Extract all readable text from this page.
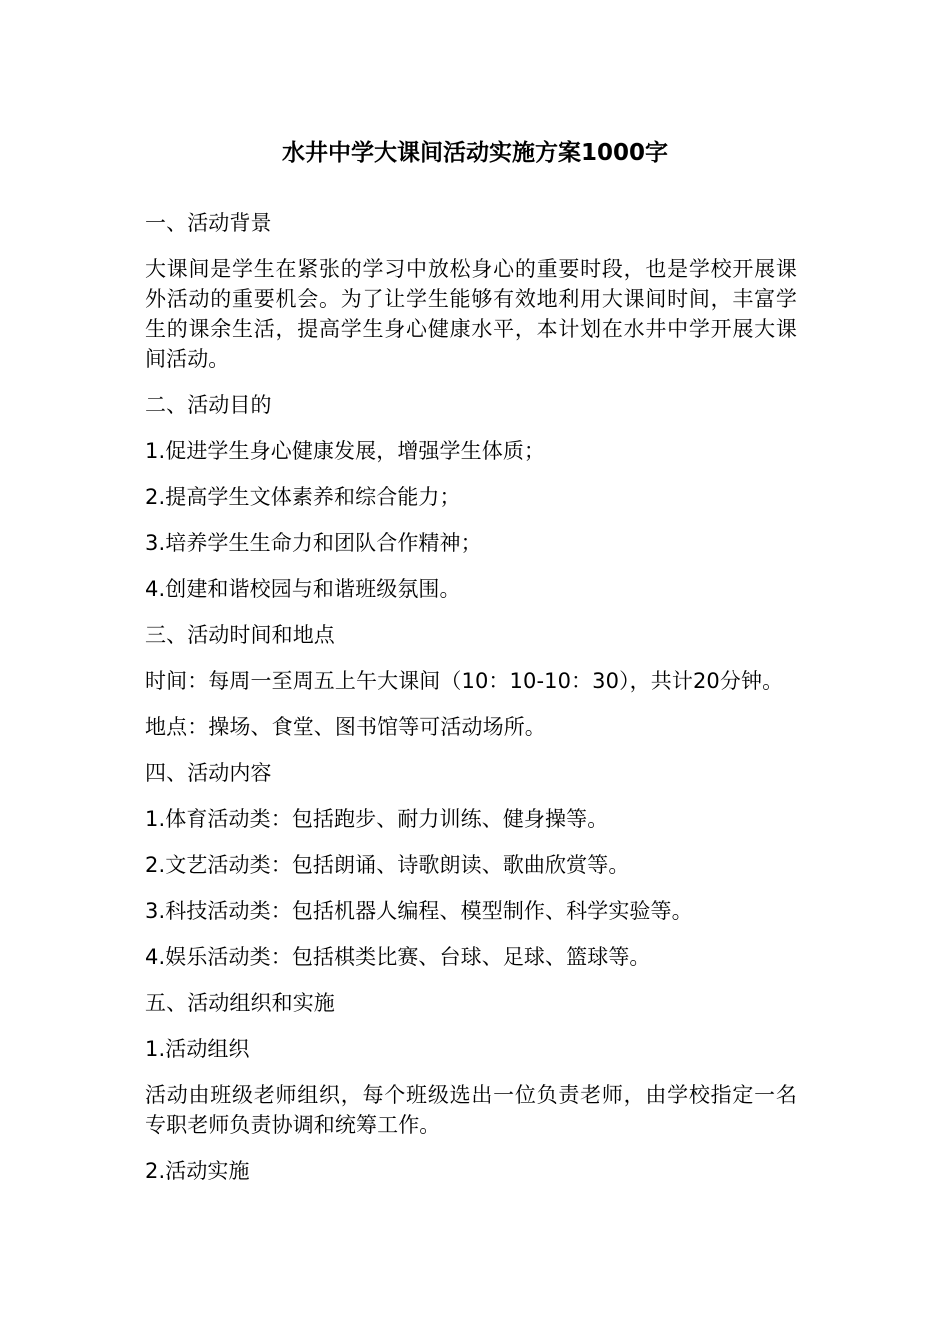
水井中学大课间活动实施方案1000字

一、活动背景

大课间是学生在紧张的学习中放松身心的重要时段，也是学校开展课外活动的重要机会。为了让学生能够有效地利用大课间时间，丰富学生的课余生活，提高学生身心健康水平，本计划在水井中学开展大课间活动。

二、活动目的

1.促进学生身心健康发展，增强学生体质；

2.提高学生文体素养和综合能力；

3.培养学生生命力和团队合作精神；

4.创建和谐校园与和谐班级氛围。

三、活动时间和地点

时间：每周一至周五上午大课间（10：10-10：30），共计20分钟。

地点：操场、食堂、图书馆等可活动场所。

四、活动内容

1.体育活动类：包括跑步、耐力训练、健身操等。

2.文艺活动类：包括朗诵、诗歌朗读、歌曲欣赏等。

3.科技活动类：包括机器人编程、模型制作、科学实验等。

4.娱乐活动类：包括棋类比赛、台球、足球、篮球等。

五、活动组织和实施

1.活动组织

活动由班级老师组织，每个班级选出一位负责老师，由学校指定一名专职老师负责协调和统筹工作。

2.活动实施
